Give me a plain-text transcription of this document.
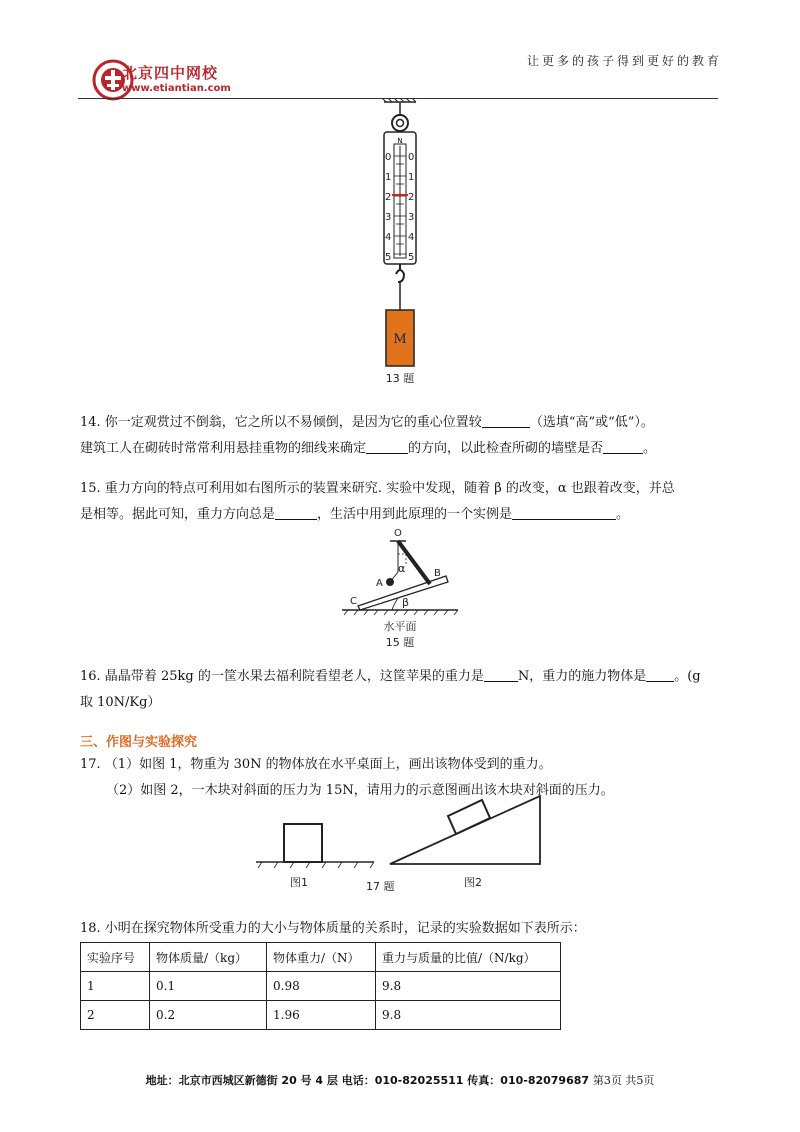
北京四中网校
www.etiantian.com
让更多的孩子得到更好的教育
N
0
1
2
3
4
5
0
1
2
3
4
5
M
13 题
14. 你一定观赏过不倒翁，它之所以不易倾倒，是因为它的重心位置较	（选填“高”或“低”）。
建筑工人在砌砖时常常利用悬挂重物的细线来确定	的方向，以此检查所砌的墙壁是否	。
15. 重力方向的特点可利用如右图所示的装置来研究. 实验中发现，随着 β 的改变，α 也跟着改变，并总
是相等。据此可知，重力方向总是	，生活中用到此原理的一个实例是	。
O
A
B
C
α
β
水平面
15 题
16. 晶晶带着 25kg 的一筐水果去福利院看望老人，这筐苹果的重力是	N，重力的施力物体是 。(g
取 10N/Kg）
三、作图与实验探究
17. （1）如图 1，物重为 30N 的物体放在水平桌面上，画出该物体受到的重力。
（2）如图 2，一木块对斜面的压力为 15N，请用力的示意图画出该木块对斜面的压力。
图1	17 题	图2
18. 小明在探究物体所受重力的大小与物体质量的关系时，记录的实验数据如下表所示：
实验序号	物体质量/（kg）	物体重力/（N）	重力与质量的比值/（N/kg）
1	0.1	0.98	9.8
2	0.2	1.96	9.8
地址：北京市西城区新德街 20 号 4 层 电话：010-82025511 传真：010-82079687 第3页 共5页
